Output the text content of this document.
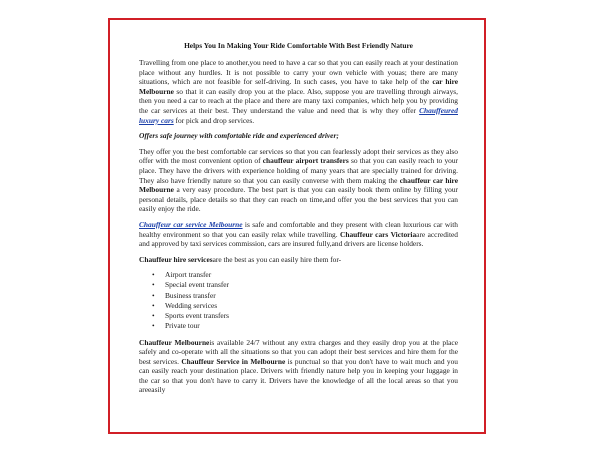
Helps You In Making Your Ride Comfortable With Best Friendly Nature

Travelling from one place to another,you need to have a car so that you can easily reach at your destination place without any hurdles. It is not possible to carry your own vehicle with youas; there are many situations, which are not feasible for self-driving. In such cases, you have to take help of the car hire Melbourne so that it can easily drop you at the place. Also, suppose you are travelling through airways, then you need a car to reach at the place and there are many taxi companies, which help you by providing the car services at their best. They understand the value and need that is why they offer Chauffeured luxury cars for pick and drop services.

Offers safe journey with comfortable ride and experienced driver;

They offer you the best comfortable car services so that you can fearlessly adopt their services as they also offer with the most convenient option of chauffeur airport transfers so that you can easily reach to your place. They have the drivers with experience holding of many years that are specially trained for driving. They also have friendly nature so that you can easily converse with them making the chauffeur car hire Melbourne a very easy procedure. The best part is that you can easily book them online by filling your personal details, place details so that they can reach on time,and offer you the best services that you can easily enjoy the ride.

Chauffeur car service Melbourne is safe and comfortable and they present with clean luxurious car with healthy environment so that you can easily relax while travelling. Chauffeur cars Victoriaare accredited and approved by taxi services commission, cars are insured fully,and drivers are license holders.

Chauffeur hire servicesare the best as you can easily hire them for-

• Airport transfer
• Special event transfer
• Business transfer
• Wedding services
• Sports event transfers
• Private tour

Chauffeur Melbourneis available 24/7 without any extra charges and they easily drop you at the place safely and co-operate with all the situations so that you can adopt their best services and hire them for the best services. Chauffeur Service in Melbourne is punctual so that you don't have to wait much and you can easily reach your destination place. Drivers with friendly nature help you in keeping your luggage in the car so that you don't have to carry it. Drivers have the knowledge of all the local areas so that you areeasily
